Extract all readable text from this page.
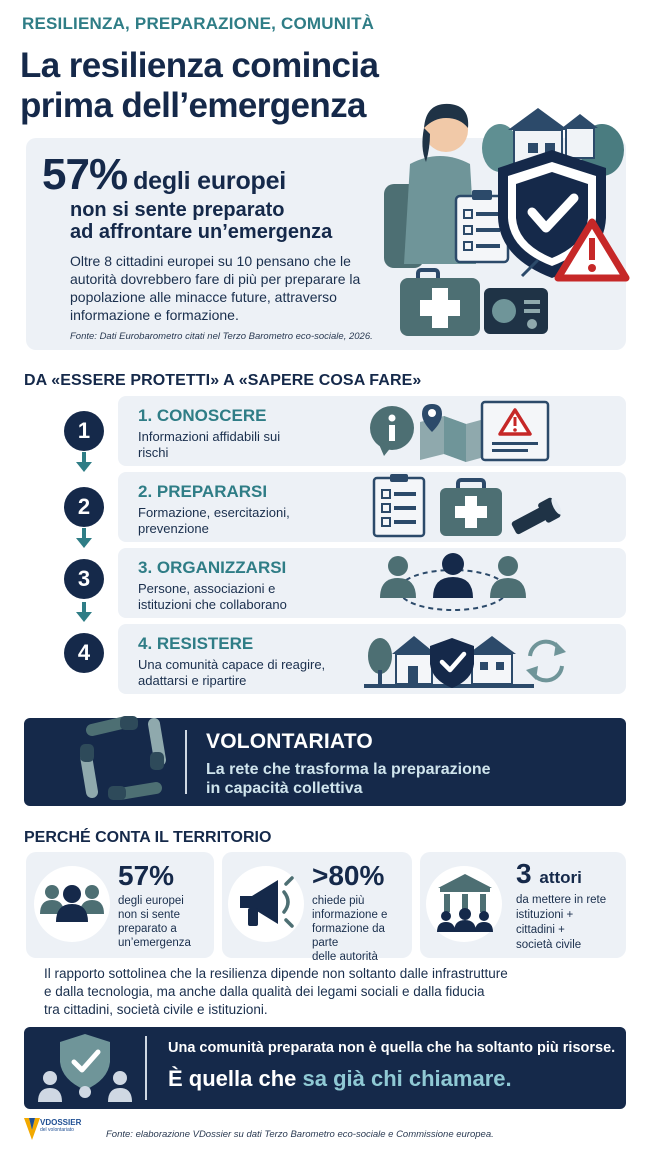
RESILIENZA, PREPARAZIONE, COMUNITÀ
La resilienza comincia
prima dell’emergenza
57% degli europei
non si sente preparato
ad affrontare un’emergenza
Oltre 8 cittadini europei su 10 pensano che le autorità dovrebbero fare di più per preparare la popolazione alle minacce future, attraverso informazione e formazione.
Fonte: Dati Eurobarometro citati nel Terzo Barometro eco-sociale, 2026.
DA «ESSERE PROTETTI» A «SAPERE COSA FARE»
1
1. CONOSCERE
Informazioni affidabili sui rischi
2
2. PREPARARSI
Formazione, esercitazioni, prevenzione
3	3. ORGANIZZARSI
Persone, associazioni e istituzioni che collaborano
4	4. RESISTERE
Una comunità capace di reagire, adattarsi e ripartire
VOLONTARIATO
La rete che trasforma la preparazione
in capacità collettiva
PERCHÉ CONTA IL TERRITORIO
57%
degli europei
non si sente
preparato a
un’emergenza
>80%
chiede più
informazione e
formazione da parte
delle autorità
3 attori
da mettere in rete
istituzioni +
cittadini +
società civile
Il rapporto sottolinea che la resilienza dipende non soltanto dalle infrastrutture
e dalla tecnologia, ma anche dalla qualità dei legami sociali e dalla fiducia
tra cittadini, società civile e istituzioni.
Una comunità preparata non è quella che ha soltanto più risorse.
È quella che sa già chi chiamare.
VDOSSIER
del volontariato	Fonte: elaborazione VDossier su dati Terzo Barometro eco-sociale e Commissione europea.
